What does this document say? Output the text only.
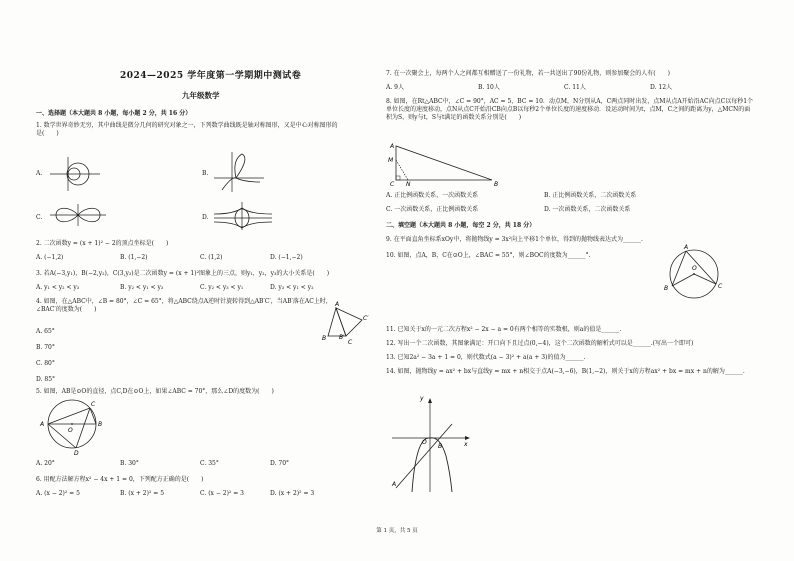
2024—2025 学年度第一学期期中测试卷
九年级数学
一、选择题（本大题共 8 小题，每小题 2 分，共 16 分）
1. 数学世界奇妙无穷，其中曲线是微分几何的研究对象之一，下列数学曲线既是轴对称图形，又是中心对称图形的是(　　)
A.	B.
C.	D.
2. 二次函数y = (x + 1)² − 2的顶点坐标是(　　)
A. (−1,2)	B. (1,−2)	C. (1,2)	D. (−1,−2)
3. 若A(−3,y₁)，B(−2,y₂)，C(3,y₃)是二次函数y = (x + 1)²图象上的三点，则y₁，y₂，y₃的大小关系是(　　)
A. y₁ < y₂ < y₃	B. y₂ < y₁ < y₃	C. y₂ < y₃ < y₁	D. y₃ < y₁ < y₂
4. 如图，在△ABC中，∠B = 80°，∠C = 65°，将△ABC绕点A逆时针旋转得到△AB′C′，当AB′落在AC上时，∠BAC′的度数为(　　)
A. 65°
B. 70°
C. 80°
D. 85°
A
B
C
C′
B′
5. 如图，AB是⊙O的直径，点C,D在⊙O上，如果∠ABC = 70°，那么∠D的度数为(　　)
A	B
C
D
O
A. 20°	B. 30°	C. 35°	D. 70°
6. 用配方法解方程x² − 4x + 1 = 0，下列配方正确的是(　　)
A. (x − 2)² = 5	B. (x + 2)² = 5	C. (x − 2)² = 3	D. (x + 2)² = 3
7. 在一次聚会上，每两个人之间都互相赠送了一份礼物，若一共送出了90份礼物，则参加聚会的人有(　　)
A. 9人	B. 10人	C. 11人	D. 12人
8. 如图，在Rt△ABC中，∠C = 90°，AC = 5，BC = 10．动点M，N分别从A，C两点同时出发，点M从点A开始沿AC向点C以每秒1个单位长度的速度移动，点N从点C开始沿CB向点B以每秒2个单位长度的速度移动．设运动时间为t，点M，C之间的距离为y，△MCN的面积为S，则y与t，S与t满足的函数关系分别是(　　)
A
M
C N	B
A. 正比例函数关系，一次函数关系	B. 正比例函数关系，二次函数关系
C. 一次函数关系，正比例函数关系	D. 一次函数关系，二次函数关系
二、填空题（本大题共 8 小题，每空 2 分，共 18 分）
9. 在平面直角坐标系xOy中，将抛物线y = 3x²向上平移1个单位，得到的抛物线表达式为______.
10. 如图，点A，B，C在⊙O上，∠BAC = 55°，则∠BOC的度数为______°.
A
O
B	C
11. 已知关于x的一元二次方程x² − 2x − a = 0有两个相等的实数根，则a的值是______.
12. 写出一个二次函数，其图象满足：开口向下且过点(0,−4)，这个二次函数的解析式可以是______.(写出一个即可)
13. 已知2a² − 3a + 1 = 0，则代数式(a − 3)² + a(a + 3)的值为______.
14. 如图，抛物线y = ax² + bx与直线y = mx + n相交于点A(−3,−6)，B(1,−2)，则关于x的方程ax² + bx = mx + n的解为______.
y
O
B	x
A
第 1 页，共 5 页
